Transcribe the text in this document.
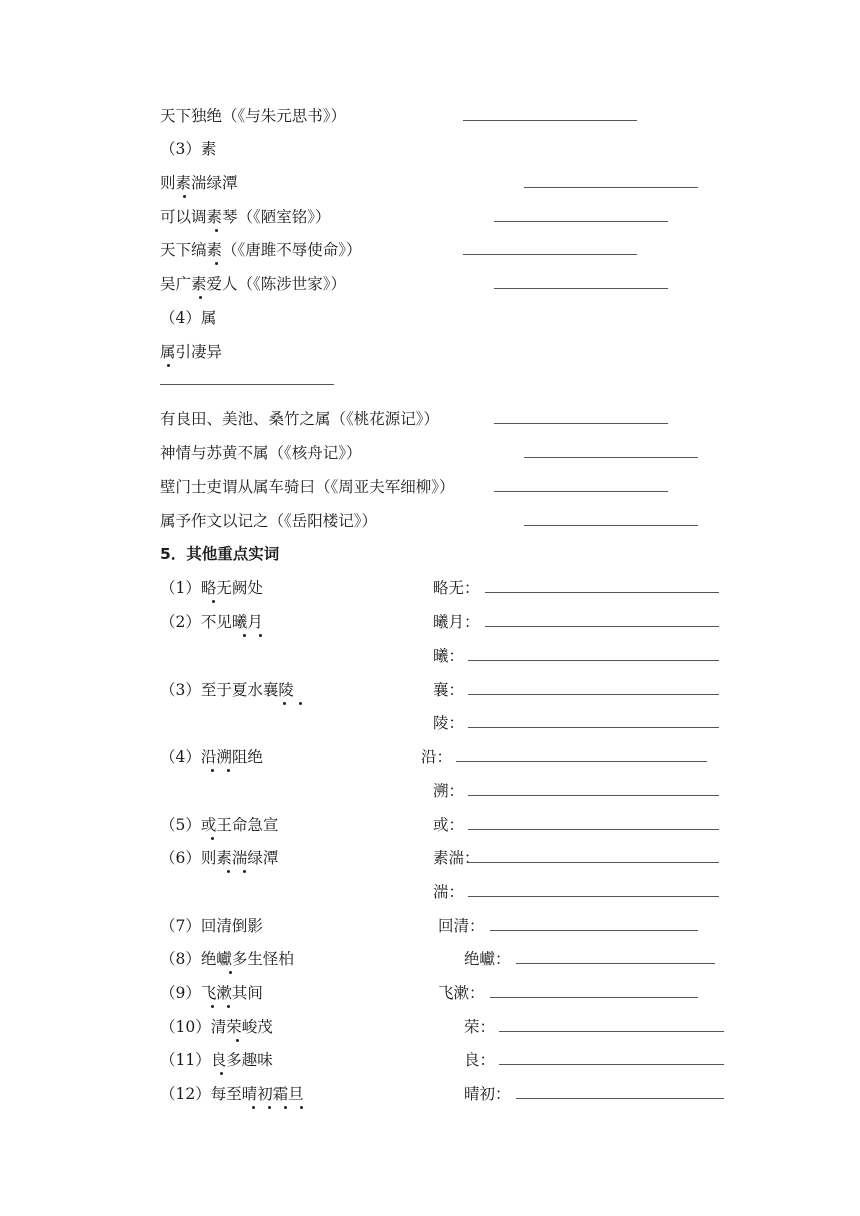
天下独绝（《与朱元思书》）
（3）素
则素湍绿潭
可以调素琴（《陋室铭》）
天下缟素（《唐雎不辱使命》）
吴广素爱人（《陈涉世家》）
（4）属
属引凄异
有良田、美池、桑竹之属（《桃花源记》）
神情与苏黄不属（《核舟记》）
壁门士吏谓从属车骑曰（《周亚夫军细柳》）
属予作文以记之（《岳阳楼记》）
5．其他重点实词
（1）略无阙处	略无：
（2）不见曦月	曦月：
曦：
（3）至于夏水襄陵	襄：
陵：
（4）沿溯阻绝	沿：
溯：
（5）或王命急宣	或：
（6）则素湍绿潭	素湍：
湍：
（7）回清倒影	回清：
（8）绝巘多生怪柏	绝巘：
（9）飞漱其间	飞漱：
（10）清荣峻茂	荣：
（11）良多趣味	良：
（12）每至晴初霜旦	晴初：
